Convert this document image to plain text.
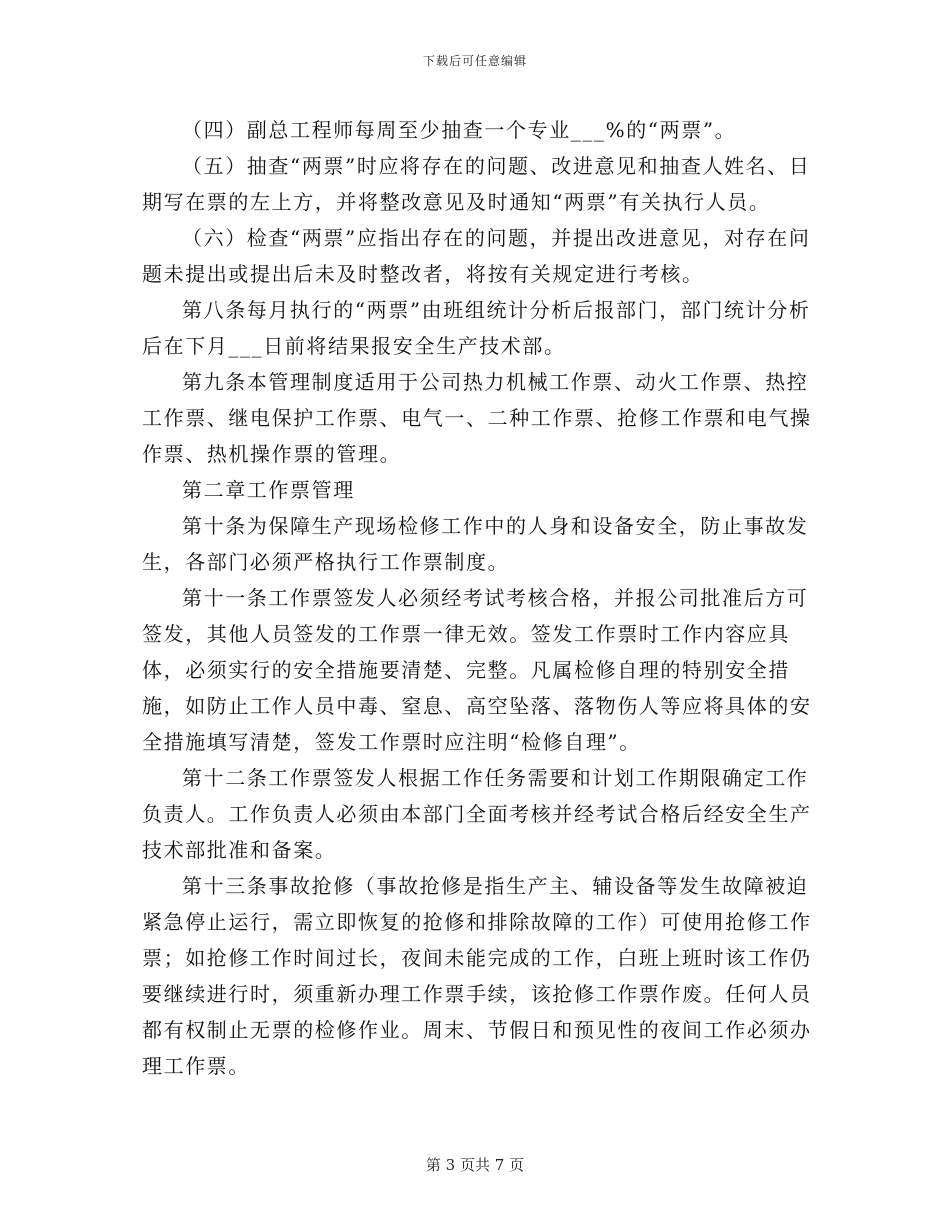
下载后可任意编辑

（四）副总工程师每周至少抽查一个专业___%的“两票”。

（五）抽查“两票”时应将存在的问题、改进意见和抽查人姓名、日期写在票的左上方，并将整改意见及时通知“两票”有关执行人员。

（六）检查“两票”应指出存在的问题，并提出改进意见，对存在问题未提出或提出后未及时整改者，将按有关规定进行考核。

第八条每月执行的“两票”由班组统计分析后报部门，部门统计分析后在下月___日前将结果报安全生产技术部。

第九条本管理制度适用于公司热力机械工作票、动火工作票、热控工作票、继电保护工作票、电气一、二种工作票、抢修工作票和电气操作票、热机操作票的管理。

第二章工作票管理

第十条为保障生产现场检修工作中的人身和设备安全，防止事故发生，各部门必须严格执行工作票制度。

第十一条工作票签发人必须经考试考核合格，并报公司批准后方可签发，其他人员签发的工作票一律无效。签发工作票时工作内容应具体，必须实行的安全措施要清楚、完整。凡属检修自理的特别安全措施，如防止工作人员中毒、窒息、高空坠落、落物伤人等应将具体的安全措施填写清楚，签发工作票时应注明“检修自理”。

第十二条工作票签发人根据工作任务需要和计划工作期限确定工作负责人。工作负责人必须由本部门全面考核并经考试合格后经安全生产技术部批准和备案。

第十三条事故抢修（事故抢修是指生产主、辅设备等发生故障被迫紧急停止运行，需立即恢复的抢修和排除故障的工作）可使用抢修工作票；如抢修工作时间过长，夜间未能完成的工作，白班上班时该工作仍要继续进行时，须重新办理工作票手续，该抢修工作票作废。任何人员都有权制止无票的检修作业。周末、节假日和预见性的夜间工作必须办理工作票。

第 3 页共 7 页
